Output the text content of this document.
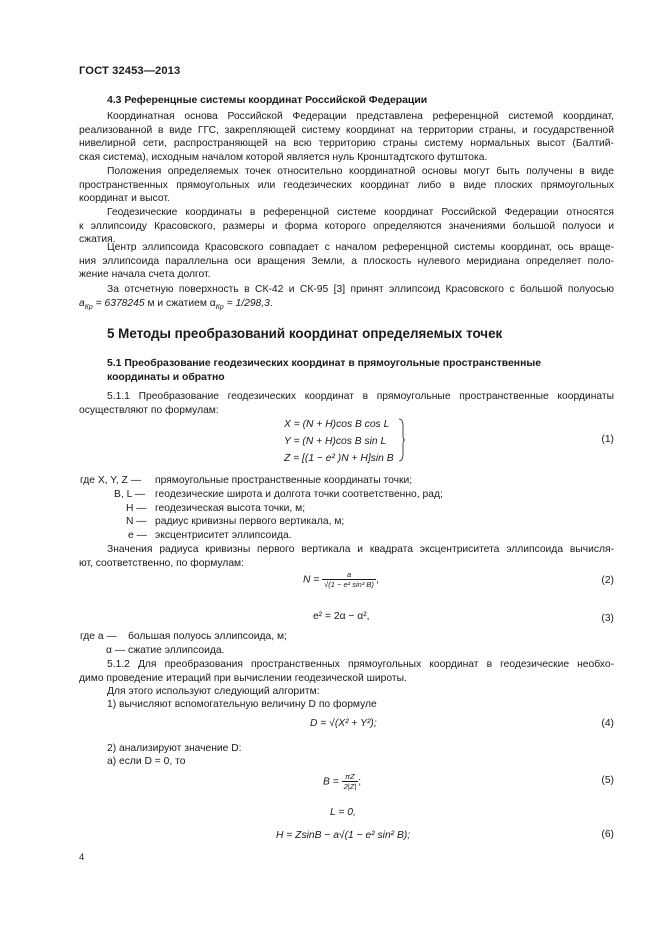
ГОСТ 32453—2013
4.3 Референцные системы координат Российской Федерации
Координатная основа Российской Федерации представлена референцной системой координат,
реализованной в виде ГГС, закрепляющей систему координат на территории страны, и государственной
нивелирной сети, распространяющей на всю территорию страны систему нормальных высот (Балтий-
ская система), исходным началом которой является нуль Кронштадтского футштока.
Положения определяемых точек относительно координатной основы могут быть получены в виде
пространственных прямоугольных или геодезических координат либо в виде плоских прямоугольных
координат и высот.
Геодезические координаты в референцной системе координат Российской Федерации относятся
к эллипсоиду Красовского, размеры и форма которого определяются значениями большой полуоси и
сжатия.
Центр эллипсоида Красовского совпадает с началом референцной системы координат, ось враще-
ния эллипсоида параллельна оси вращения Земли, а плоскость нулевого меридиана определяет поло-
жение начала счета долгот.
За отсчетную поверхность в СК-42 и СК-95 [3] принят эллипсоид Красовского с большой полуосью
$a_{Кр} = 6378245$ м и сжатием $\alpha_{Кр} = 1/298,3$.
5 Методы преобразований координат определяемых точек
5.1 Преобразование геодезических координат в прямоугольные пространственные
координаты и обратно
5.1.1 Преобразование геодезических координат в прямоугольные пространственные координаты
осуществляют по формулам:
X = (N + H)cos B cos L
Y = (N + H)cos B sin L
Z = [(1 − e² )N + H]sin B
(1)
где X, Y, Z — прямоугольные пространственные координаты точки;
B, L — геодезические широта и долгота точки соответственно, рад;
H — геодезическая высота точки, м;
N — радиус кривизны первого вертикала, м;
e — эксцентриситет эллипсоида.
Значения радиуса кривизны первого вертикала и квадрата эксцентриситета эллипсоида вычисля-
ют, соответственно, по формулам:
$N = \frac{a}{\text{√(1 − e² sin² B)}}$ ,	(2)
e² = 2α − α²,	(3)
где a — большая полуось эллипсоида, м;
α — сжатие эллипсоида.
5.1.2 Для преобразования пространственных прямоугольных координат в геодезические необхо-
димо проведение итераций при вычислении геодезической широты.
Для этого используют следующий алгоритм:
1) вычисляют вспомогательную величину D по формуле
D = √(X² + Y²);	(4)
2) анализируют значение D:
а) если D = 0, то
$B = \frac{\pi Z}{2|Z|}$ ;	(5)
L = 0,
H = ZsinB − a√(1 − e² sin² B);	(6)
4
